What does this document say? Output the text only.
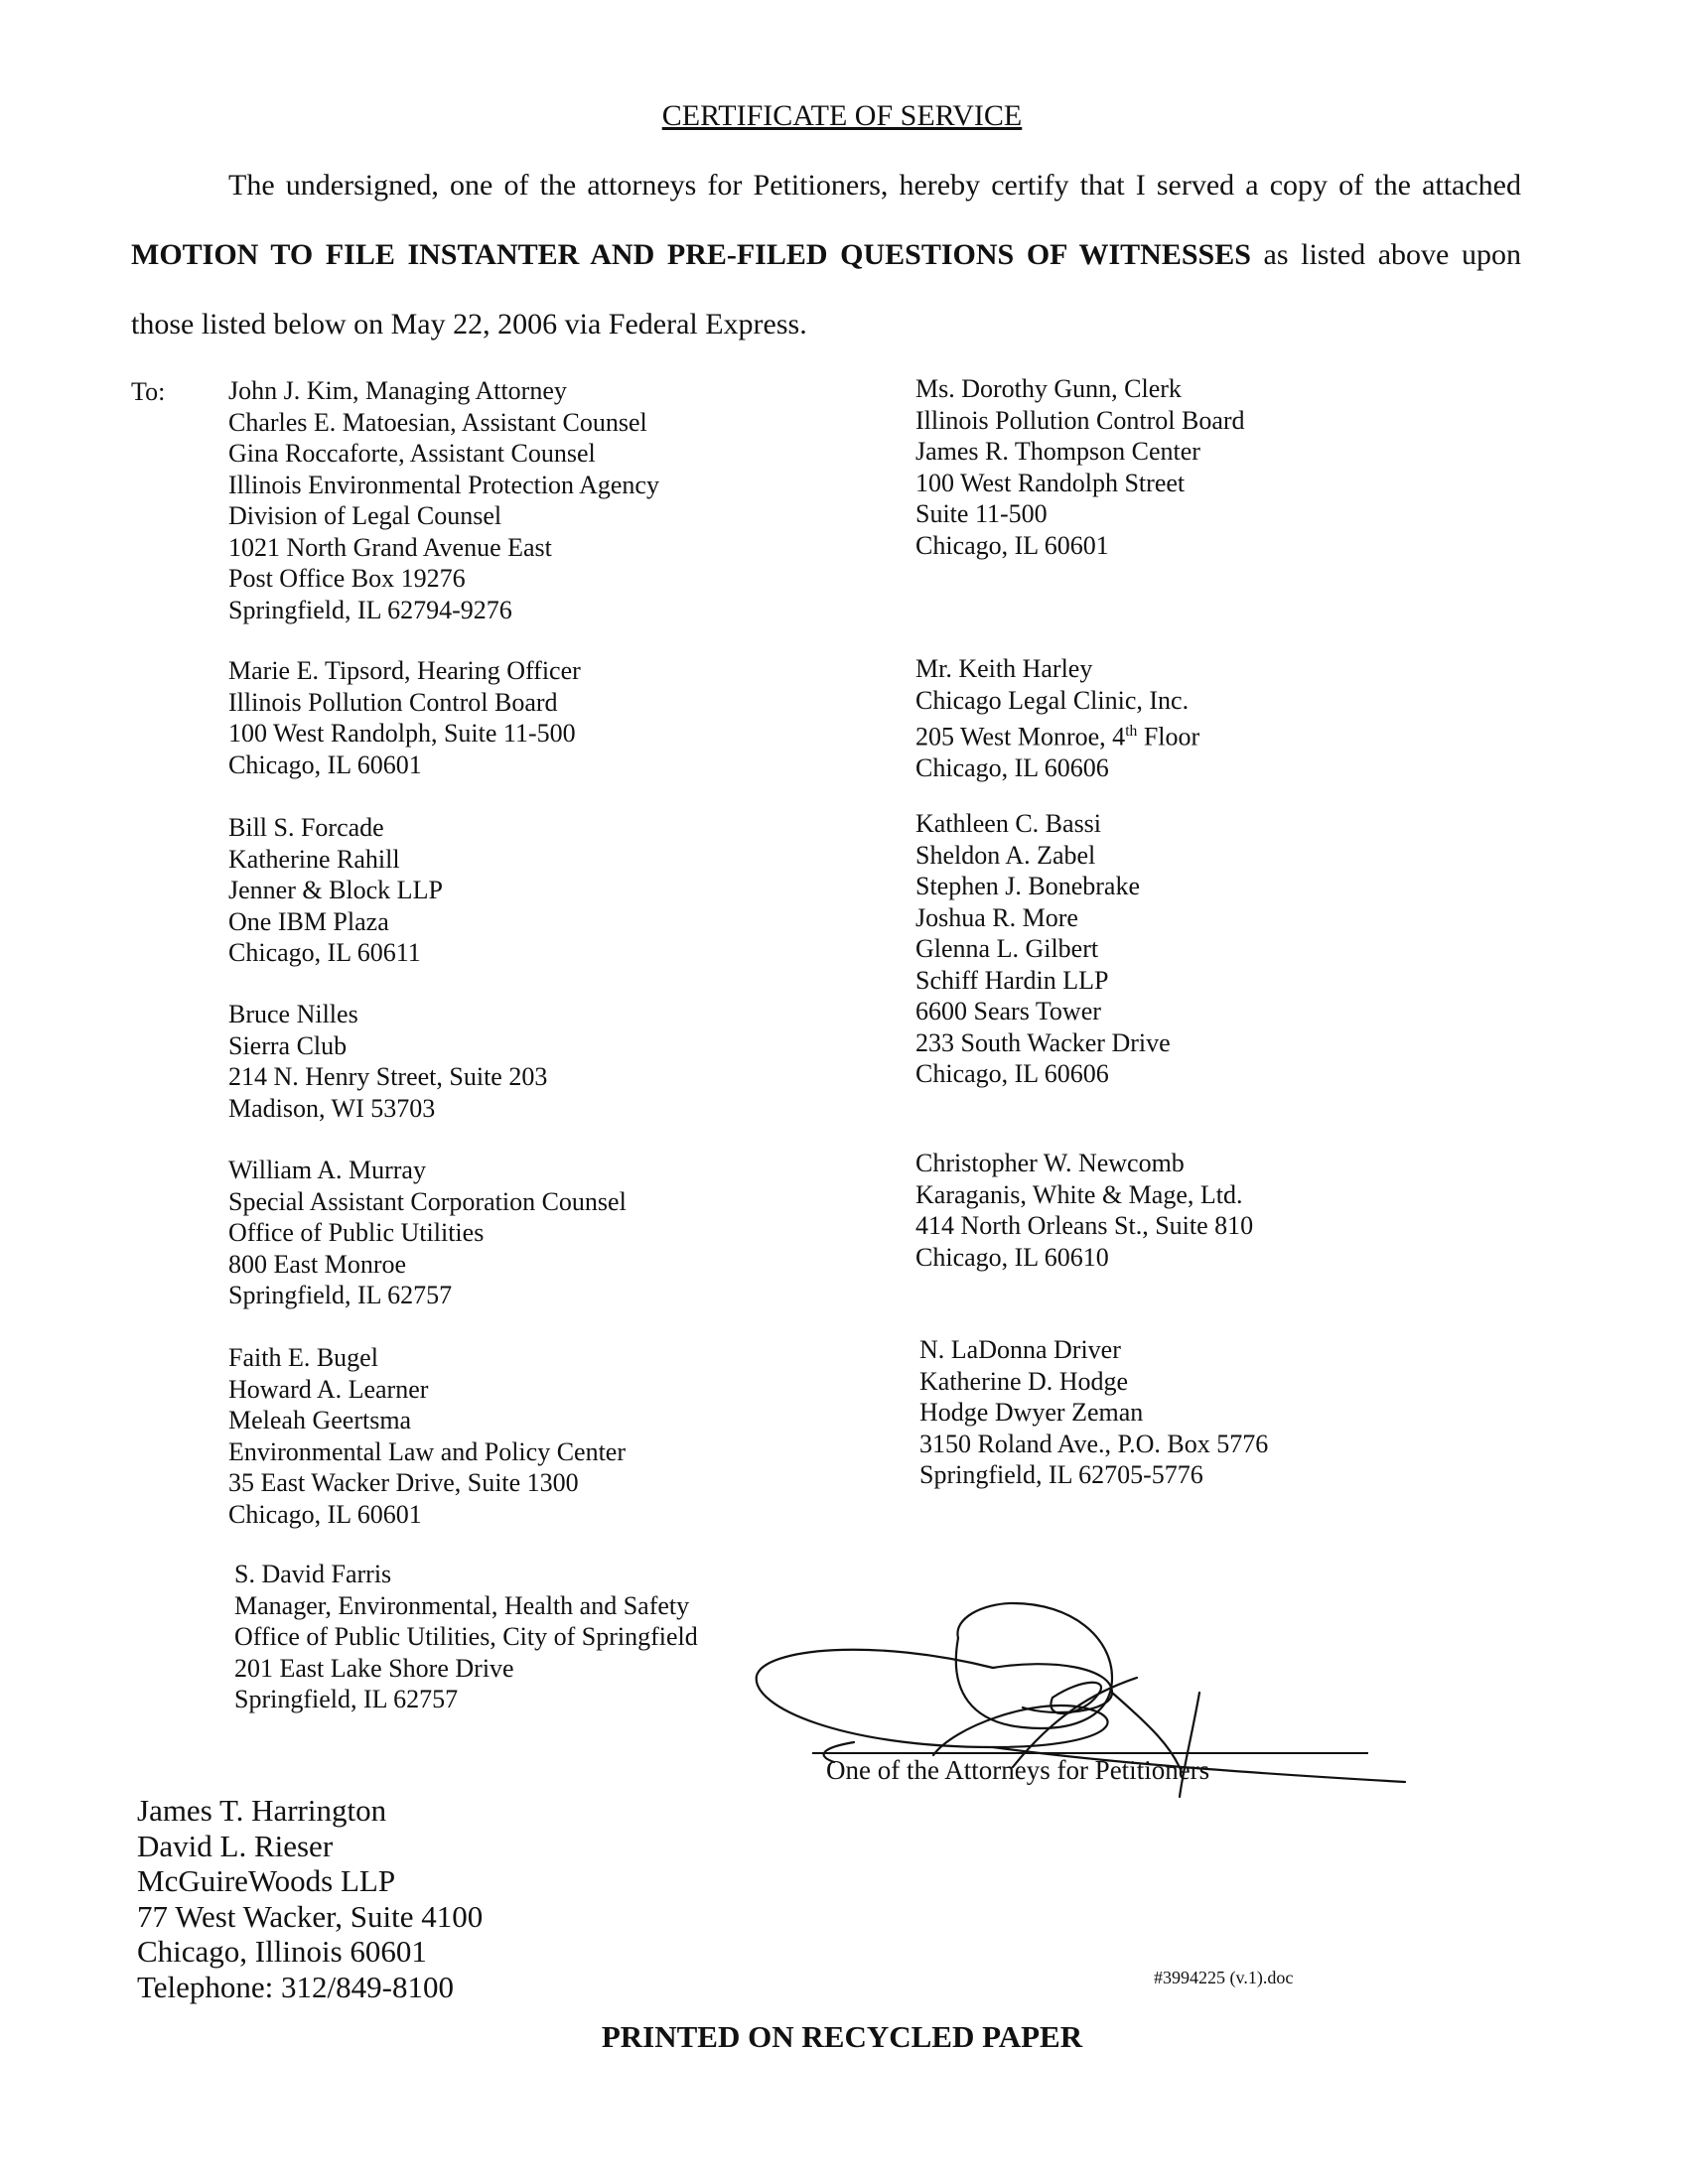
CERTIFICATE OF SERVICE
The undersigned, one of the attorneys for Petitioners, hereby certify that I served a copy of the attached
MOTION TO FILE INSTANTER AND PRE-FILED QUESTIONS OF WITNESSES as listed above upon
those listed below on May 22, 2006 via Federal Express.
To: John J. Kim, Managing Attorney
Charles E. Matoesian, Assistant Counsel
Gina Roccaforte, Assistant Counsel
Illinois Environmental Protection Agency
Division of Legal Counsel
1021 North Grand Avenue East
Post Office Box 19276
Springfield, IL 62794-9276
Marie E. Tipsord, Hearing Officer
Illinois Pollution Control Board
100 West Randolph, Suite 11-500
Chicago, IL 60601
Bill S. Forcade
Katherine Rahill
Jenner & Block LLP
One IBM Plaza
Chicago, IL 60611
Bruce Nilles
Sierra Club
214 N. Henry Street, Suite 203
Madison, WI 53703
William A. Murray
Special Assistant Corporation Counsel
Office of Public Utilities
800 East Monroe
Springfield, IL 62757
Faith E. Bugel
Howard A. Learner
Meleah Geertsma
Environmental Law and Policy Center
35 East Wacker Drive, Suite 1300
Chicago, IL 60601
S. David Farris
Manager, Environmental, Health and Safety
Office of Public Utilities, City of Springfield
201 East Lake Shore Drive
Springfield, IL 62757
Ms. Dorothy Gunn, Clerk
Illinois Pollution Control Board
James R. Thompson Center
100 West Randolph Street
Suite 11-500
Chicago, IL 60601
Mr. Keith Harley
Chicago Legal Clinic, Inc.
205 West Monroe, 4th Floor
Chicago, IL 60606
Kathleen C. Bassi
Sheldon A. Zabel
Stephen J. Bonebrake
Joshua R. More
Glenna L. Gilbert
Schiff Hardin LLP
6600 Sears Tower
233 South Wacker Drive
Chicago, IL 60606
Christopher W. Newcomb
Karaganis, White & Mage, Ltd.
414 North Orleans St., Suite 810
Chicago, IL 60610
N. LaDonna Driver
Katherine D. Hodge
Hodge Dwyer Zeman
3150 Roland Ave., P.O. Box 5776
Springfield, IL 62705-5776
One of the Attorneys for Petitioners
James T. Harrington
David L. Rieser
McGuireWoods LLP
77 West Wacker, Suite 4100
Chicago, Illinois 60601
Telephone: 312/849-8100	#3994225 (v.1).doc
PRINTED ON RECYCLED PAPER
